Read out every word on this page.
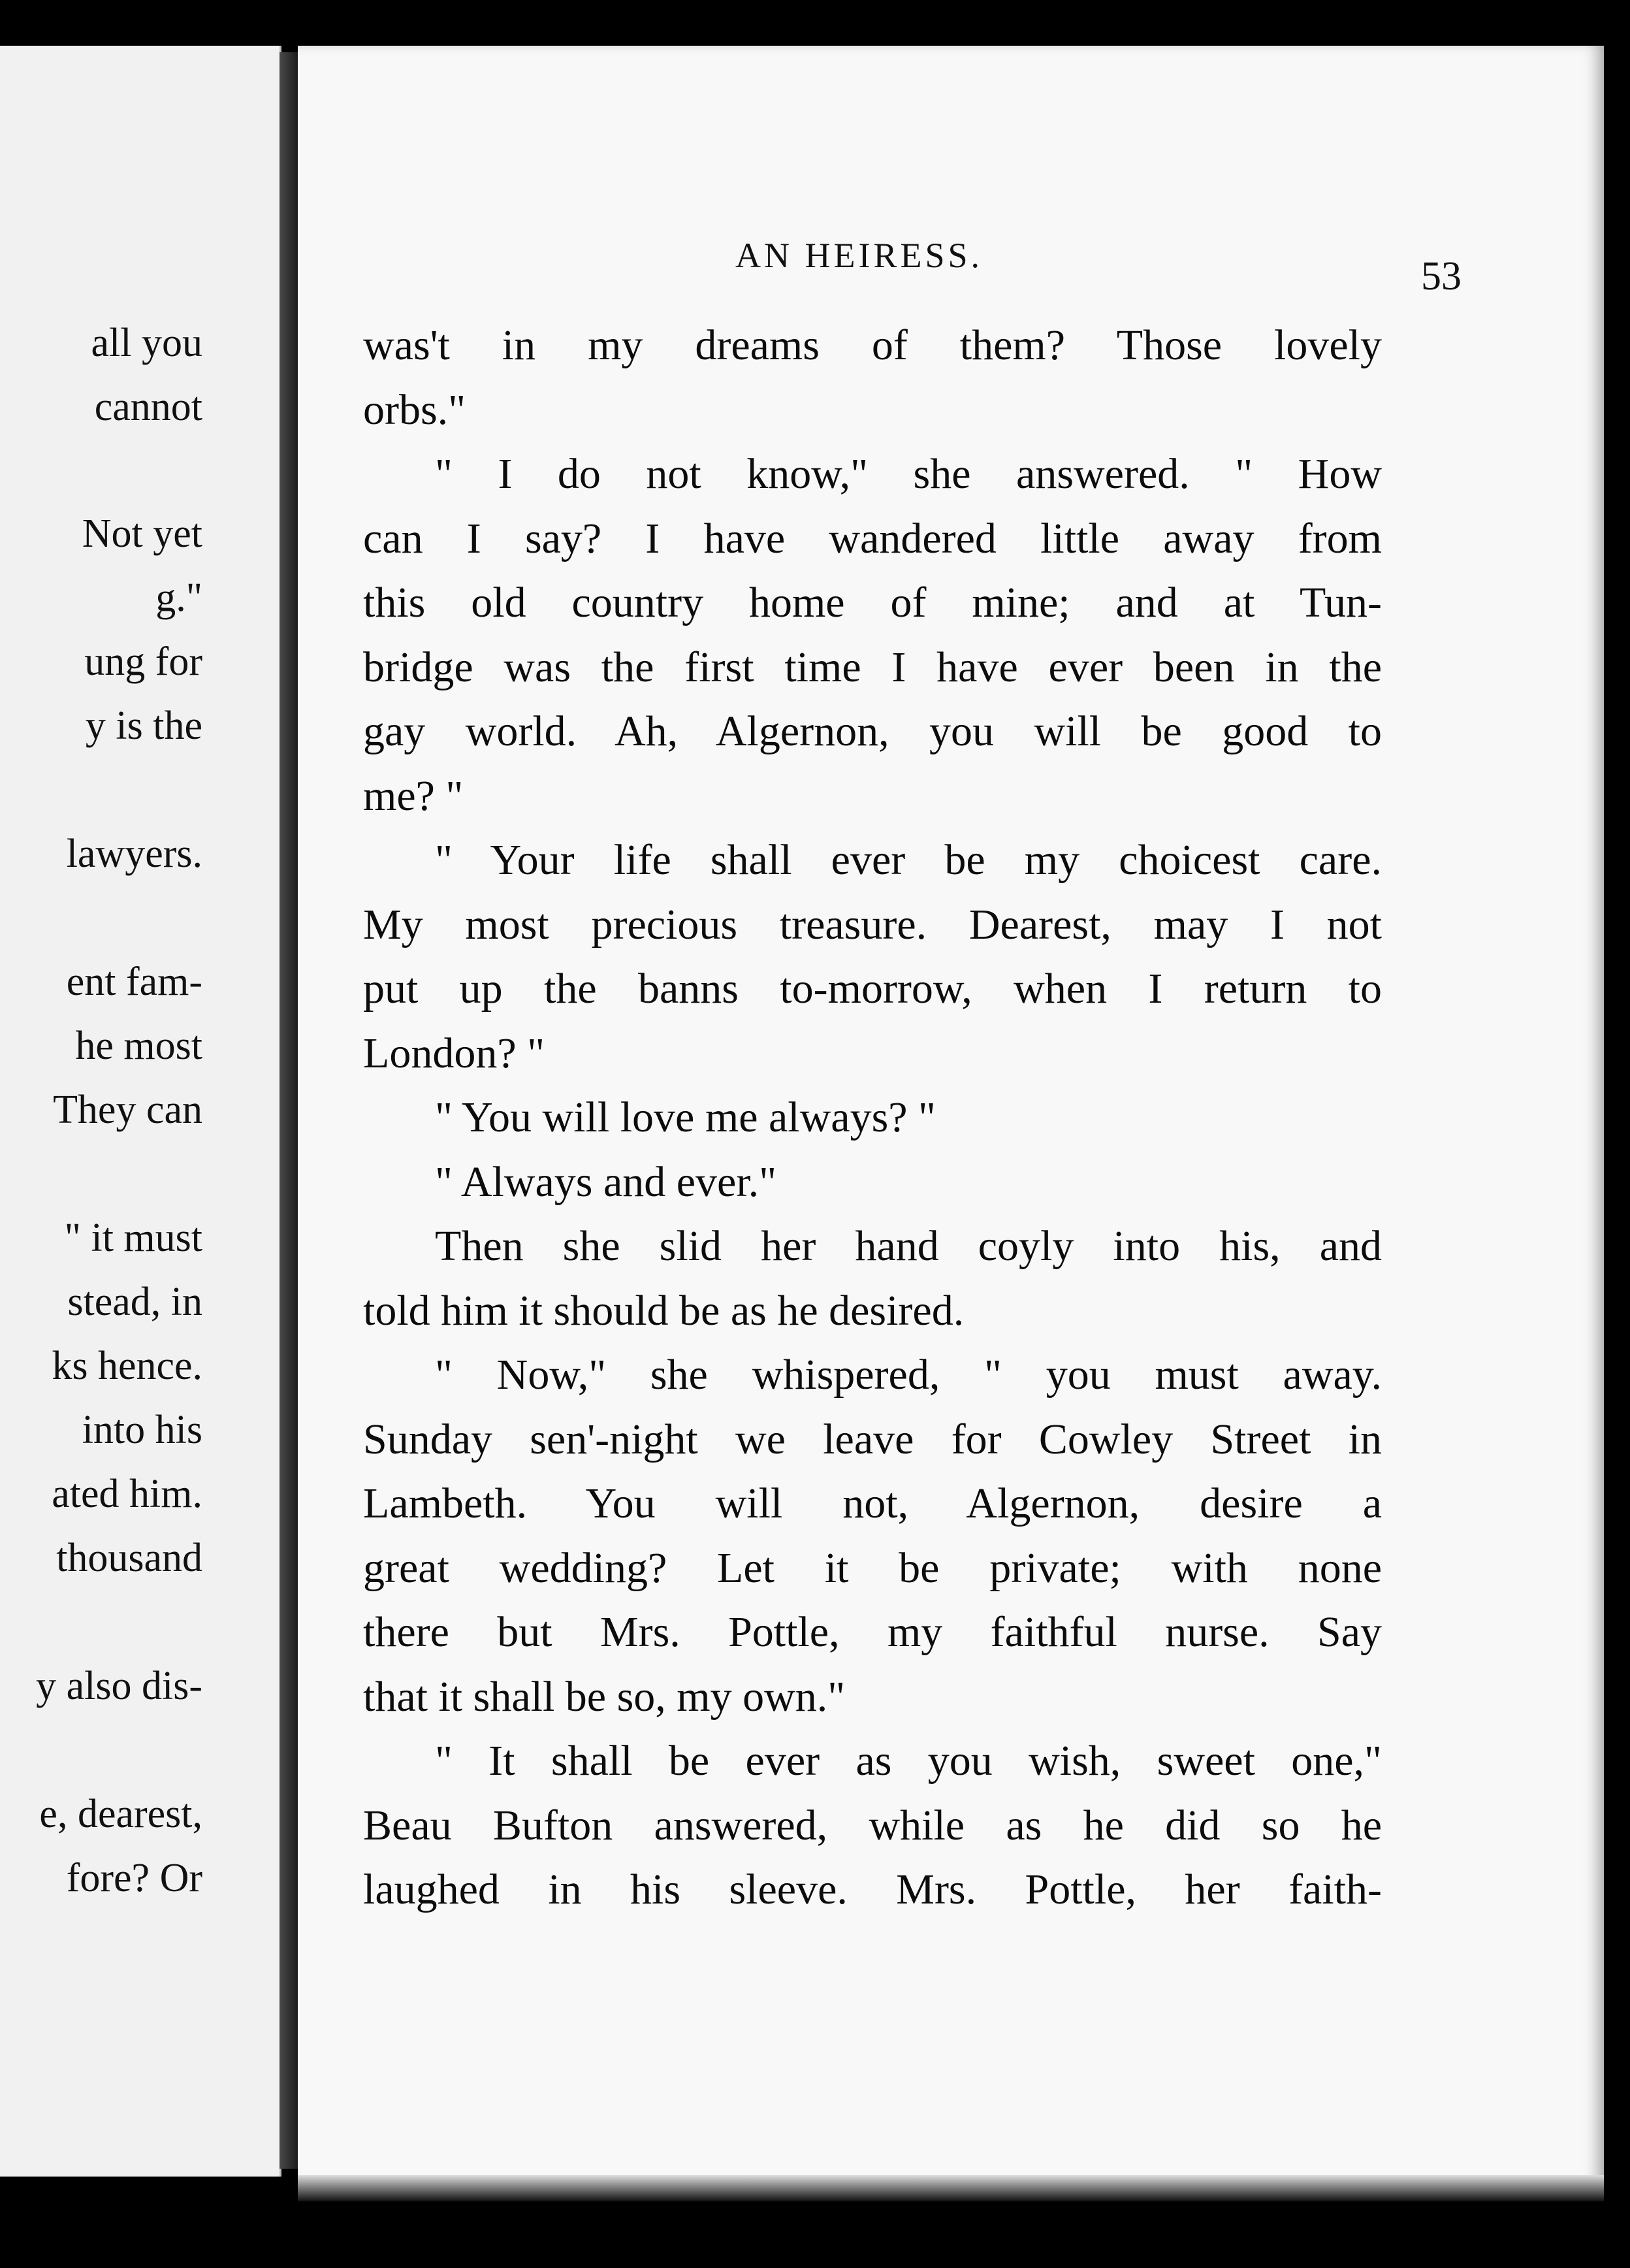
all you
cannot
Not yet
g."
ung for
y is the
lawyers.
ent fam-
he most
They can
" it must
stead, in
ks hence.
into his
ated him.
thousand
y also dis-
e, dearest,
fore? Or
AN HEIRESS.	53
was't in my dreams of them? Those lovely
orbs."
" I do not know," she answered. " How
can I say? I have wandered little away from
this old country home of mine; and at Tun-
bridge was the first time I have ever been in the
gay world. Ah, Algernon, you will be good to
me? "
" Your life shall ever be my choicest care.
My most precious treasure. Dearest, may I not
put up the banns to-morrow, when I return to
London? "
" You will love me always? "
" Always and ever."
Then she slid her hand coyly into his, and
told him it should be as he desired.
" Now," she whispered, " you must away.
Sunday sen'-night we leave for Cowley Street in
Lambeth. You will not, Algernon, desire a
great wedding? Let it be private; with none
there but Mrs. Pottle, my faithful nurse. Say
that it shall be so, my own."
" It shall be ever as you wish, sweet one,"
Beau Bufton answered, while as he did so he
laughed in his sleeve. Mrs. Pottle, her faith-
